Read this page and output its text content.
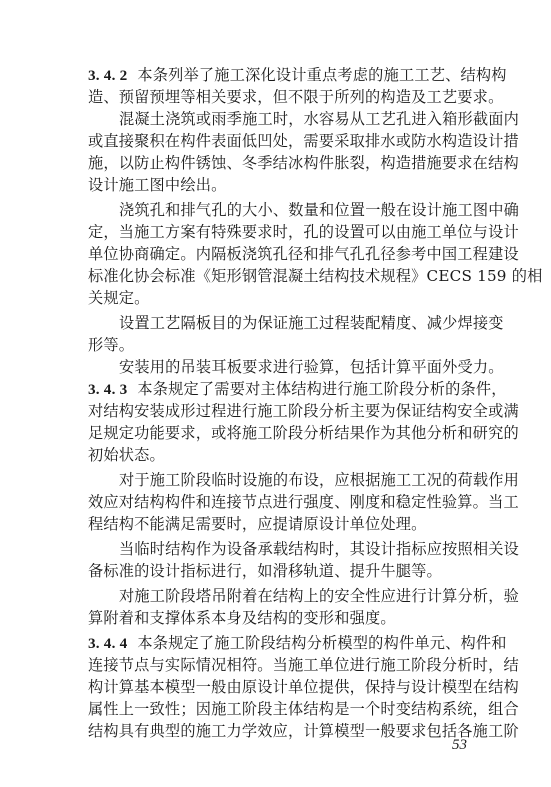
3. 4. 2 本条列举了施工深化设计重点考虑的施工工艺、结构构
造、预留预埋等相关要求，但不限于所列的构造及工艺要求。
混凝土浇筑或雨季施工时，水容易从工艺孔进入箱形截面内
或直接聚积在构件表面低凹处，需要采取排水或防水构造设计措
施，以防止构件锈蚀、冬季结冰构件胀裂，构造措施要求在结构
设计施工图中绘出。
浇筑孔和排气孔的大小、数量和位置一般在设计施工图中确
定，当施工方案有特殊要求时，孔的设置可以由施工单位与设计
单位协商确定。内隔板浇筑孔径和排气孔孔径参考中国工程建设
标准化协会标准《矩形钢管混凝土结构技术规程》CECS 159 的相
关规定。
设置工艺隔板目的为保证施工过程装配精度、减少焊接变
形等。
安装用的吊装耳板要求进行验算，包括计算平面外受力。
3. 4. 3 本条规定了需要对主体结构进行施工阶段分析的条件，
对结构安装成形过程进行施工阶段分析主要为保证结构安全或满
足规定功能要求，或将施工阶段分析结果作为其他分析和研究的
初始状态。
对于施工阶段临时设施的布设，应根据施工工况的荷载作用
效应对结构构件和连接节点进行强度、刚度和稳定性验算。当工
程结构不能满足需要时，应提请原设计单位处理。
当临时结构作为设备承载结构时，其设计指标应按照相关设
备标准的设计指标进行，如滑移轨道、提升牛腿等。
对施工阶段塔吊附着在结构上的安全性应进行计算分析，验
算附着和支撑体系本身及结构的变形和强度。
3. 4. 4 本条规定了施工阶段结构分析模型的构件单元、构件和
连接节点与实际情况相符。当施工单位进行施工阶段分析时，结
构计算基本模型一般由原设计单位提供，保持与设计模型在结构
属性上一致性；因施工阶段主体结构是一个时变结构系统，组合
结构具有典型的施工力学效应，计算模型一般要求包括各施工阶
53
